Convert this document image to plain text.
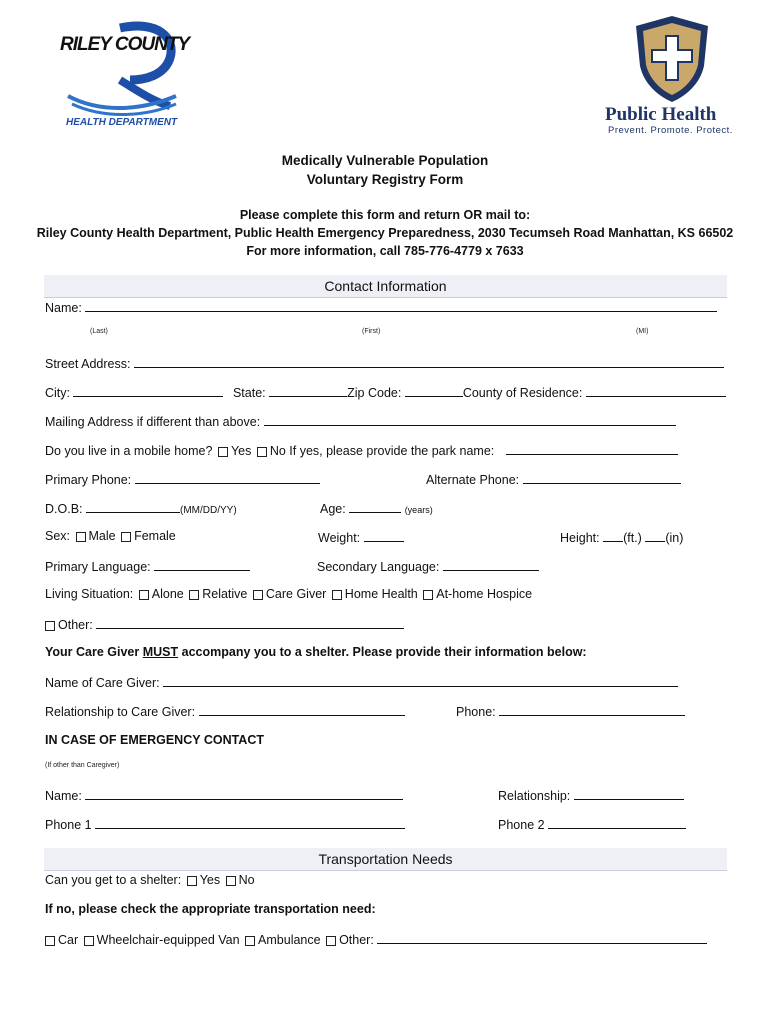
RILEY COUNTY
HEALTH DEPARTMENT	Public Health
Prevent. Promote. Protect.
Medically Vulnerable Population
Voluntary Registry Form
Please complete this form and return OR mail to:
Riley County Health Department, Public Health Emergency Preparedness, 2030 Tecumseh Road Manhattan, KS 66502
For more information, call 785-776-4779 x 7633
Contact Information
Name:
(Last)	(First)	(MI)
Street Address:
City:	State:	Zip Code:	County of Residence:
Mailing Address if different than above:
Do you live in a mobile home? Yes No If yes, please provide the park name:
Primary Phone:	Alternate Phone:
D.O.B:	(MM/DD/YY)	Age:	(years)
Sex: Male Female	Weight:	Height: (ft.) (in)
Primary Language:	Secondary Language:
Living Situation: Alone Relative Care Giver Home Health At-home Hospice
Other:
Your Care Giver MUST accompany you to a shelter. Please provide their information below:
Name of Care Giver:
Relationship to Care Giver:	Phone:
IN CASE OF EMERGENCY CONTACT
(If other than Caregiver)
Name:	Relationship:
Phone 1	Phone 2
Transportation Needs
Can you get to a shelter: Yes No
If no, please check the appropriate transportation need:
Car Wheelchair-equipped Van Ambulance Other:
